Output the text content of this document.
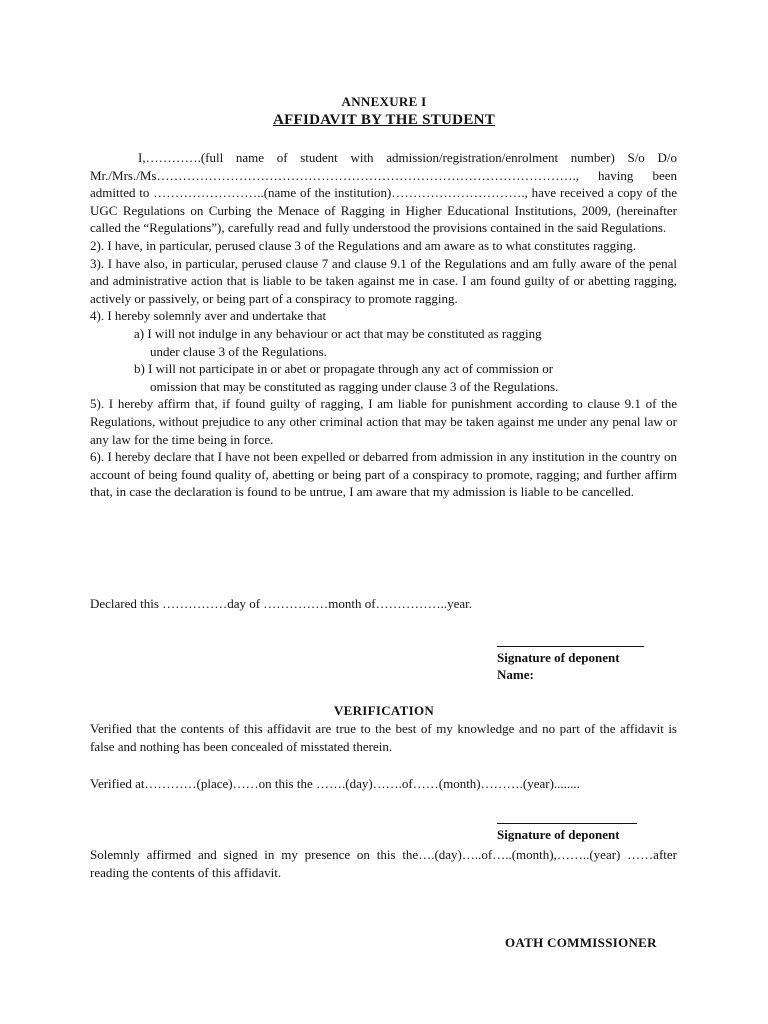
ANNEXURE I
AFFIDAVIT BY THE STUDENT

I,………….(full name of student with admission/registration/enrolment number) S/o D/o Mr./Mrs./Ms……………………………………………………………………………………., having been admitted to ……………………..(name of the institution)…………………………., have received a copy of the UGC Regulations on Curbing the Menace of Ragging in Higher Educational Institutions, 2009, (hereinafter called the “Regulations”), carefully read and fully understood the provisions contained in the said Regulations.

2). I have, in particular, perused clause 3 of the Regulations and am aware as to what constitutes ragging.

3). I have also, in particular, perused clause 7 and clause 9.1 of the Regulations and am fully aware of the penal and administrative action that is liable to be taken against me in case. I am found guilty of or abetting ragging, actively or passively, or being part of a conspiracy to promote ragging.

4). I hereby solemnly aver and undertake that

a) I will not indulge in any behaviour or act that may be constituted as ragging
under clause 3 of the Regulations.
b) I will not participate in or abet or propagate through any act of commission or
omission that may be constituted as ragging under clause 3 of the Regulations.

5). I hereby affirm that, if found guilty of ragging, I am liable for punishment according to clause 9.1 of the Regulations, without prejudice to any other criminal action that may be taken against me under any penal law or any law for the time being in force.

6). I hereby declare that I have not been expelled or debarred from admission in any institution in the country on account of being found quality of, abetting or being part of a conspiracy to promote, ragging; and further affirm that, in case the declaration is found to be untrue, I am aware that my admission is liable to be cancelled.

Declared this ……………day of ……………month of……………..year.
Signature of deponent
Name:
VERIFICATION
Verified that the contents of this affidavit are true to the best of my knowledge and no part of the affidavit is false and nothing has been concealed of misstated therein.
Verified at…………(place)……on this the …….(day)…….of……(month)……….(year)........
Signature of deponent
Solemnly affirmed and signed in my presence on this the….(day)…..of…..(month),……..(year) ……after reading the contents of this affidavit.
OATH COMMISSIONER
